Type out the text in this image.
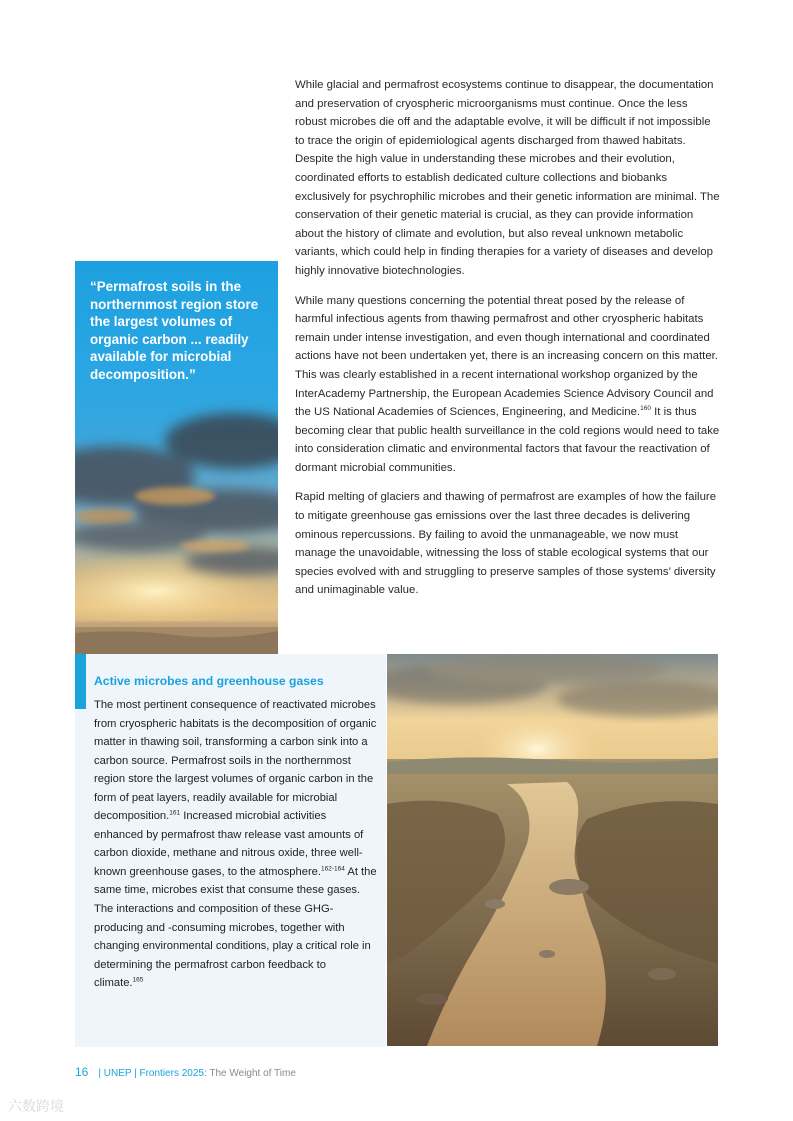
While glacial and permafrost ecosystems continue to disappear, the documentation and preservation of cryospheric microorganisms must continue. Once the less robust microbes die off and the adaptable evolve, it will be difficult if not impossible to trace the origin of epidemiological agents discharged from thawed habitats. Despite the high value in understanding these microbes and their evolution, coordinated efforts to establish dedicated culture collections and biobanks exclusively for psychrophilic microbes and their genetic information are minimal. The conservation of their genetic material is crucial, as they can provide information about the history of climate and evolution, but also reveal unknown metabolic variants, which could help in finding therapies for a variety of diseases and develop highly innovative biotechnologies.

While many questions concerning the potential threat posed by the release of harmful infectious agents from thawing permafrost and other cryospheric habitats remain under intense investigation, and even though international and coordinated actions have not been undertaken yet, there is an increasing concern on this matter. This was clearly established in a recent international workshop organized by the InterAcademy Partnership, the European Academies Science Advisory Council and the US National Academies of Sciences, Engineering, and Medicine.$^{160}$ It is thus becoming clear that public health surveillance in the cold regions would need to take into consideration climatic and environmental factors that favour the reactivation of dormant microbial communities.

Rapid melting of glaciers and thawing of permafrost are examples of how the failure to mitigate greenhouse gas emissions over the last three decades is delivering ominous repercussions. By failing to avoid the unmanageable, we now must manage the unavoidable, witnessing the loss of stable ecological systems that our species evolved with and struggling to preserve samples of those systems’ diversity and unimaginable value.

“Permafrost soils in the northernmost region store the largest volumes of organic carbon ... readily available for microbial decomposition.”
Active microbes and greenhouse gases

The most pertinent consequence of reactivated microbes from cryospheric habitats is the decomposition of organic matter in thawing soil, transforming a carbon sink into a carbon source. Permafrost soils in the northernmost region store the largest volumes of organic carbon in the form of peat layers, readily available for microbial decomposition.$^{161}$ Increased microbial activities enhanced by permafrost thaw release vast amounts of carbon dioxide, methane and nitrous oxide, three well-known greenhouse gases, to the atmosphere.$^{162-164}$ At the same time, microbes exist that consume these gases. The interactions and composition of these GHG-producing and -consuming microbes, together with changing environmental conditions, play a critical role in determining the permafrost carbon feedback to climate.$^{165}$

16 | UNEP | Frontiers 2025: The Weight of Time
六数跨境
